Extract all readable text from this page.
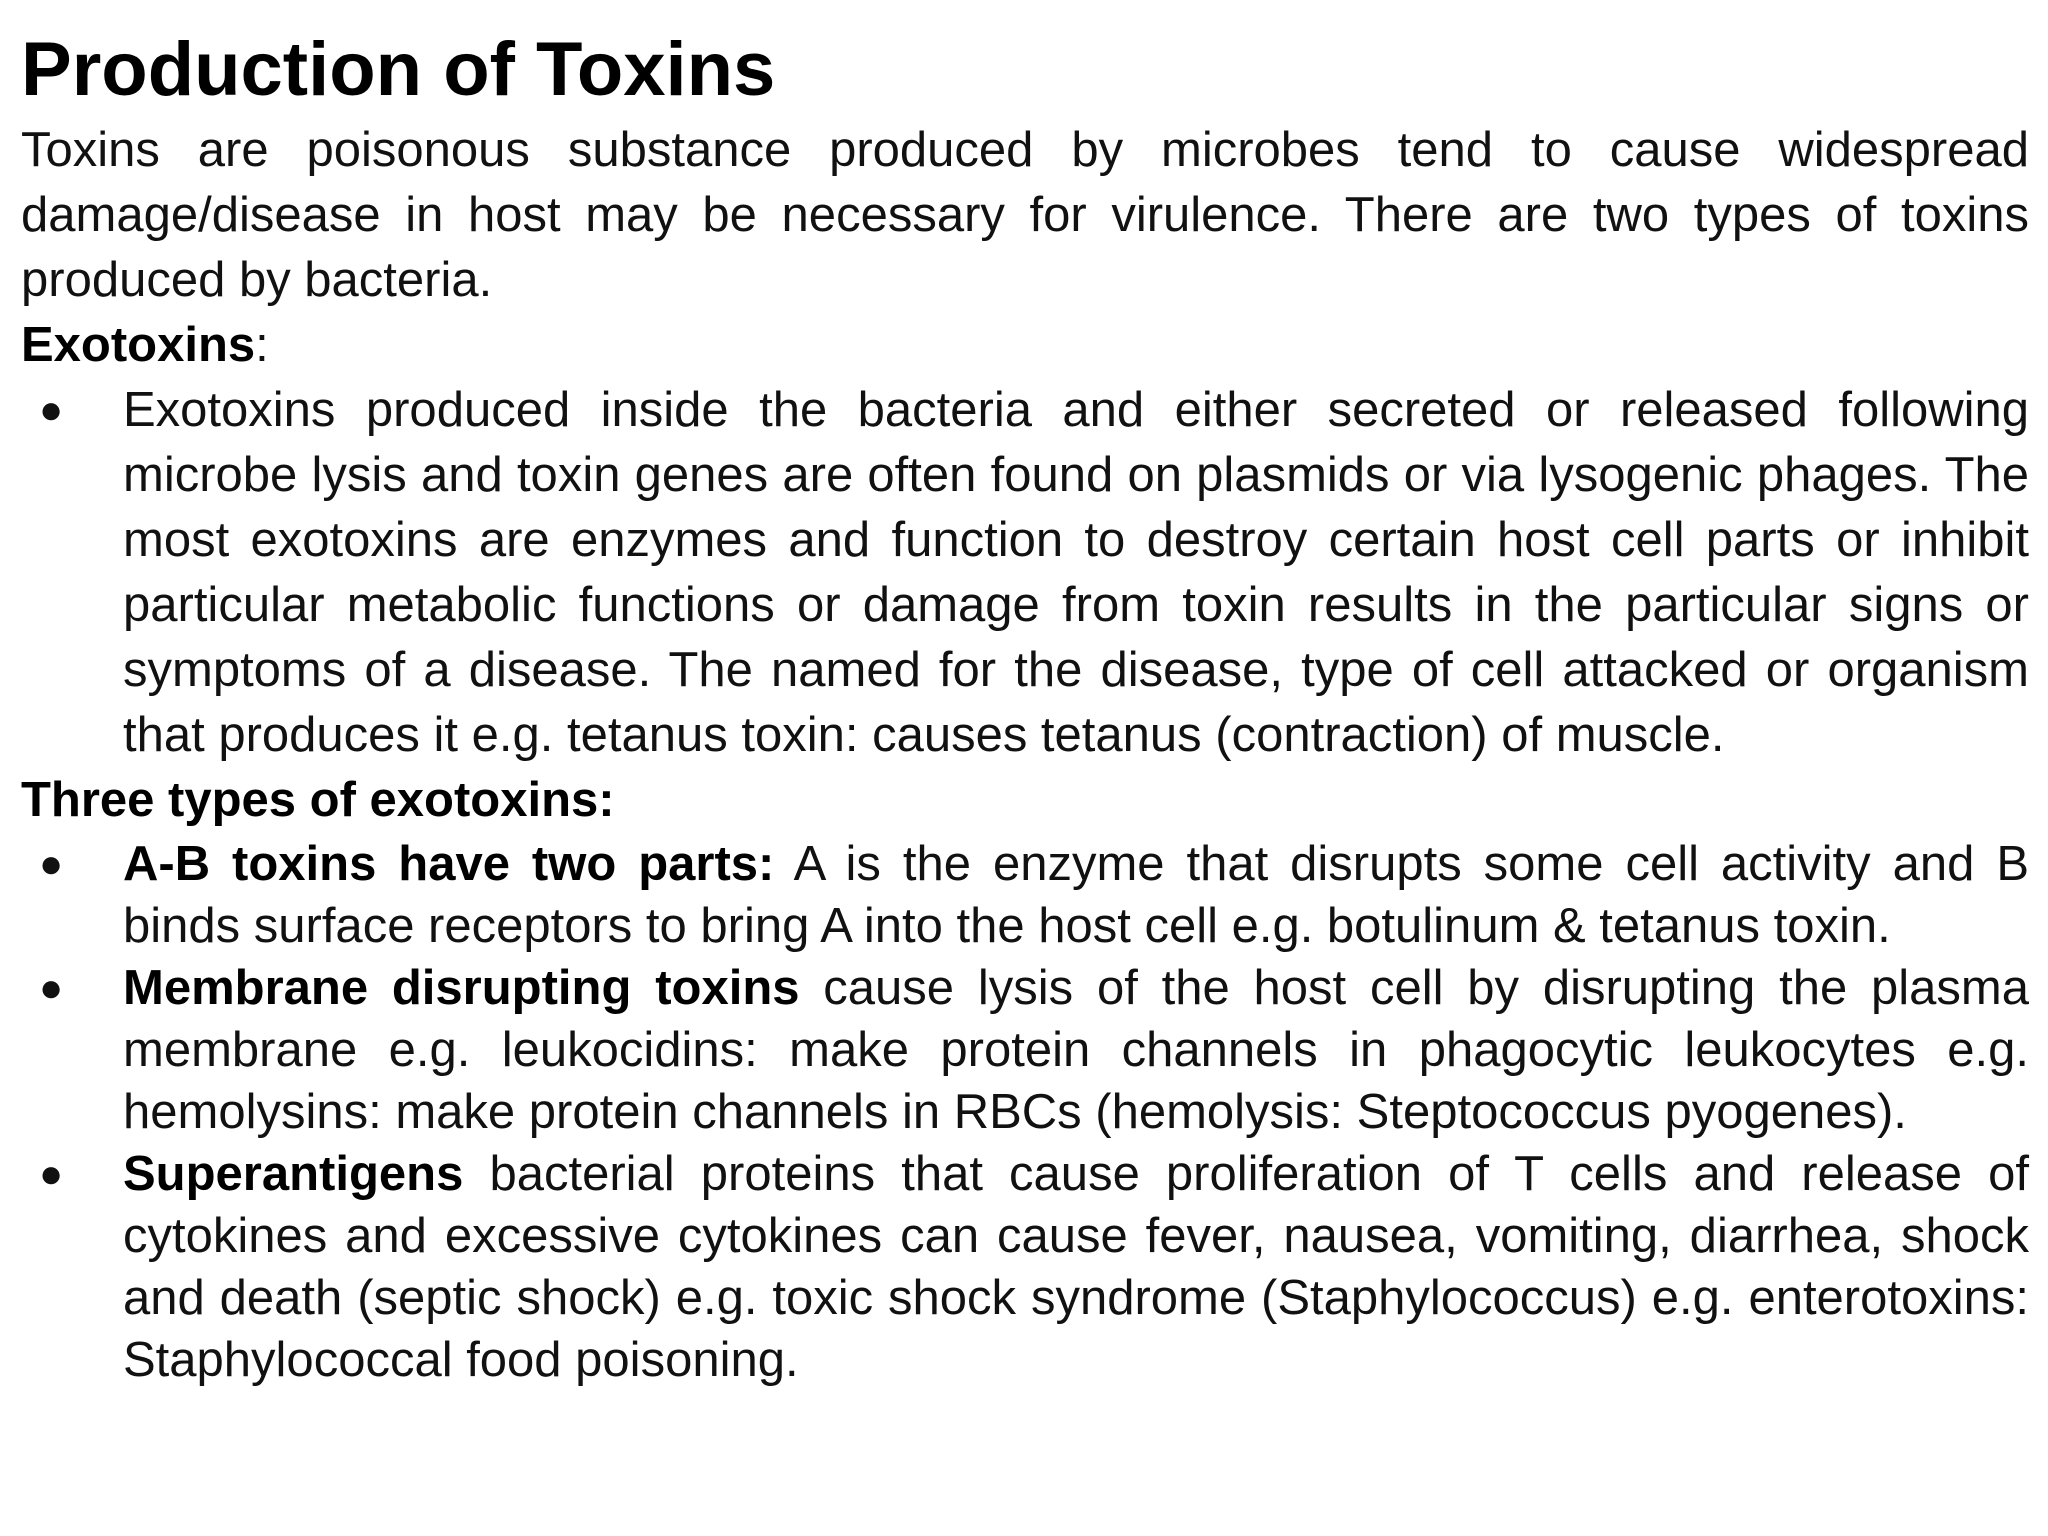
Production of Toxins

Toxins are poisonous substance produced by microbes tend to cause widespread damage/disease in host may be necessary for virulence. There are two types of toxins produced by bacteria.

Exotoxins:

●	Exotoxins produced inside the bacteria and either secreted or released following microbe lysis and toxin genes are often found on plasmids or via lysogenic phages. The most exotoxins are enzymes and function to destroy certain host cell parts or inhibit particular metabolic functions or damage from toxin results in the particular signs or symptoms of a disease. The named for the disease, type of cell attacked or organism that produces it e.g. tetanus toxin: causes tetanus (contraction) of muscle.

Three types of exotoxins:

●	A-B toxins have two parts: A is the enzyme that disrupts some cell activity and B binds surface receptors to bring A into the host cell e.g. botulinum & tetanus toxin.
●	Membrane disrupting toxins cause lysis of the host cell by disrupting the plasma membrane e.g. leukocidins: make protein channels in phagocytic leukocytes e.g. hemolysins: make protein channels in RBCs (hemolysis: Steptococcus pyogenes).
●	Superantigens bacterial proteins that cause proliferation of T cells and release of cytokines and excessive cytokines can cause fever, nausea, vomiting, diarrhea, shock and death (septic shock) e.g. toxic shock syndrome (Staphylococcus) e.g. enterotoxins: Staphylococcal food poisoning.
